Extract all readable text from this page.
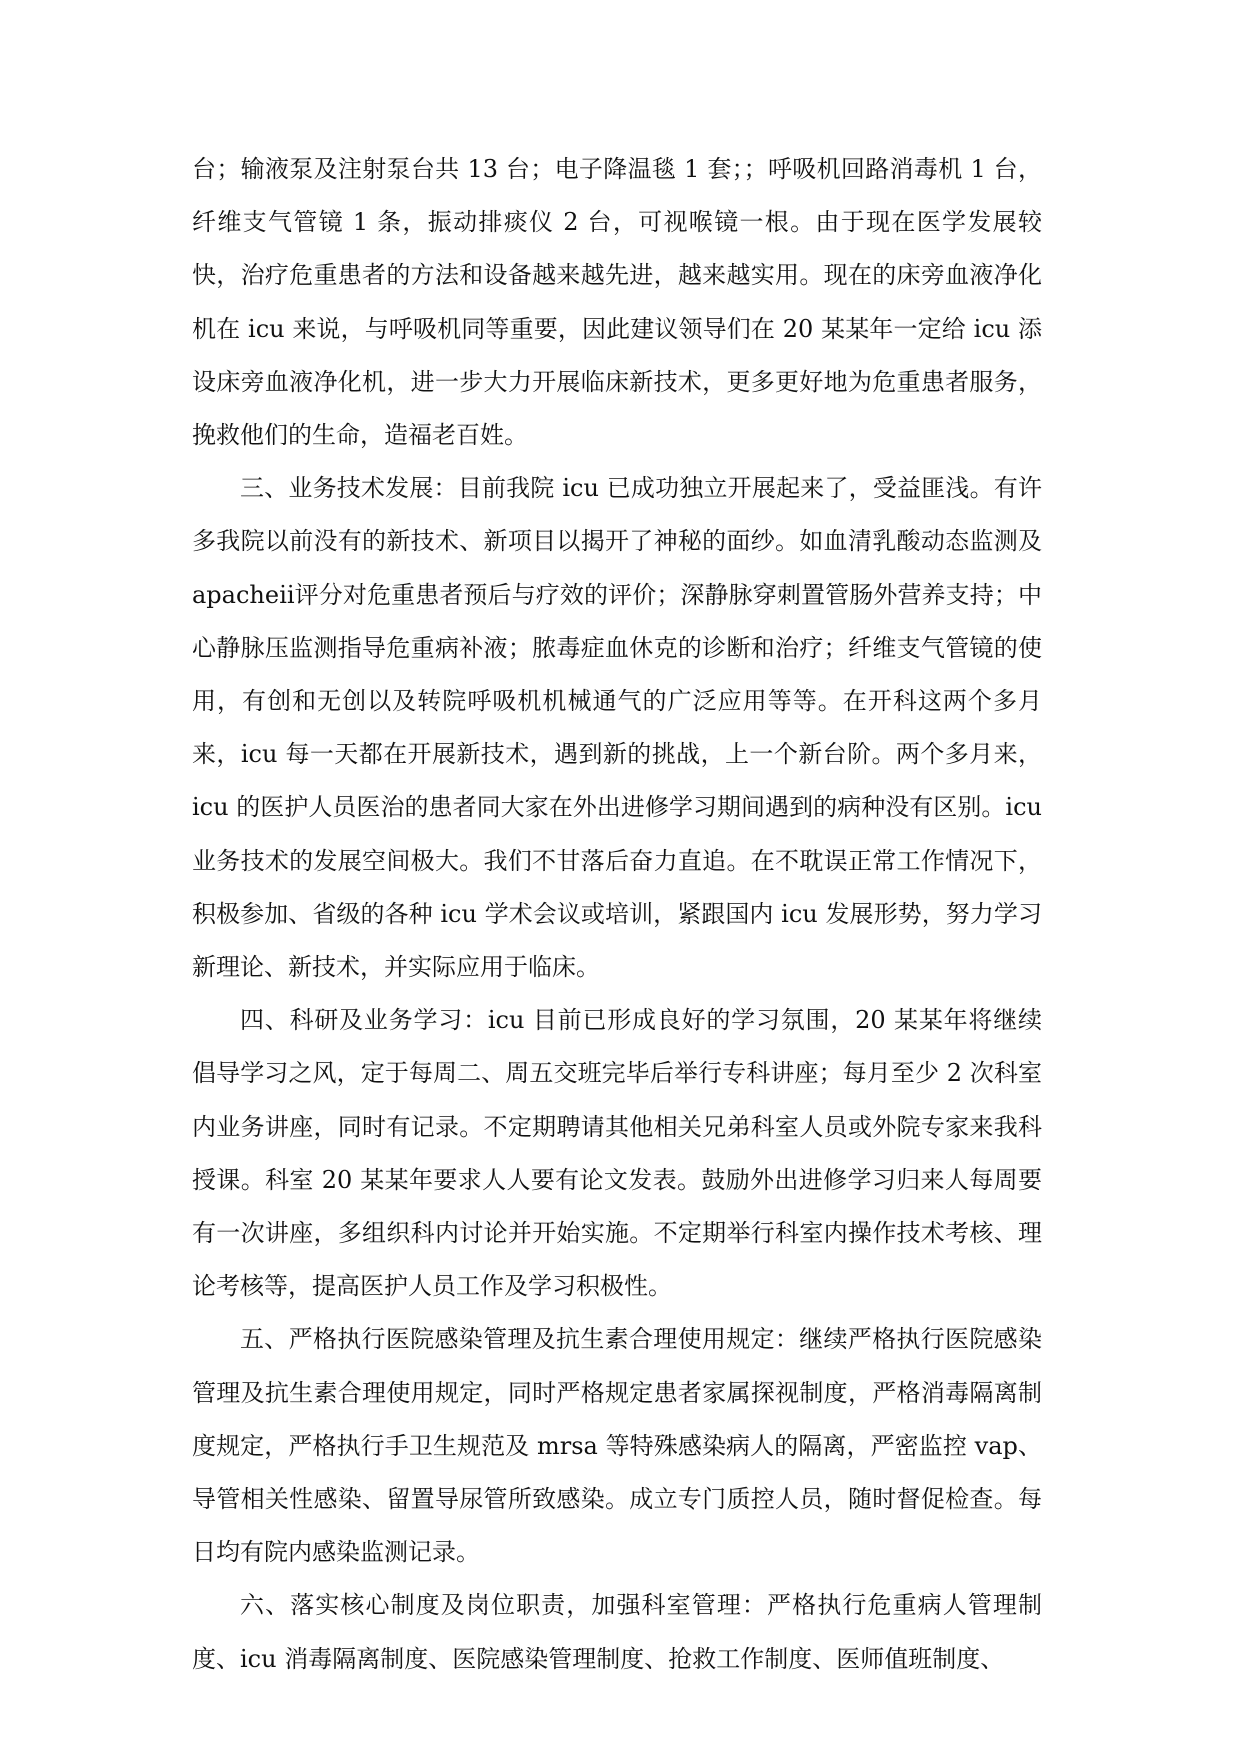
台；输液泵及注射泵台共 13 台；电子降温毯 1 套；；呼吸机回路消毒机 1 台，纤维支气管镜 1 条，振动排痰仪 2 台，可视喉镜一根。由于现在医学发展较快，治疗危重患者的方法和设备越来越先进，越来越实用。现在的床旁血液净化机在 icu 来说，与呼吸机同等重要，因此建议领导们在 20 某某年一定给 icu 添设床旁血液净化机，进一步大力开展临床新技术，更多更好地为危重患者服务，挽救他们的生命，造福老百姓。

三、业务技术发展：目前我院 icu 已成功独立开展起来了，受益匪浅。有许多我院以前没有的新技术、新项目以揭开了神秘的面纱。如血清乳酸动态监测及 apacheⅱ评分对危重患者预后与疗效的评价；深静脉穿刺置管肠外营养支持；中心静脉压监测指导危重病补液；脓毒症血休克的诊断和治疗；纤维支气管镜的使用，有创和无创以及转院呼吸机机械通气的广泛应用等等。在开科这两个多月来，icu 每一天都在开展新技术，遇到新的挑战，上一个新台阶。两个多月来，icu 的医护人员医治的患者同大家在外出进修学习期间遇到的病种没有区别。icu 业务技术的发展空间极大。我们不甘落后奋力直追。在不耽误正常工作情况下，积极参加、省级的各种 icu 学术会议或培训，紧跟国内 icu 发展形势，努力学习新理论、新技术，并实际应用于临床。

四、科研及业务学习：icu 目前已形成良好的学习氛围，20 某某年将继续倡导学习之风，定于每周二、周五交班完毕后举行专科讲座；每月至少 2 次科室内业务讲座，同时有记录。不定期聘请其他相关兄弟科室人员或外院专家来我科授课。科室 20 某某年要求人人要有论文发表。鼓励外出进修学习归来人每周要有一次讲座，多组织科内讨论并开始实施。不定期举行科室内操作技术考核、理论考核等，提高医护人员工作及学习积极性。

五、严格执行医院感染管理及抗生素合理使用规定：继续严格执行医院感染管理及抗生素合理使用规定，同时严格规定患者家属探视制度，严格消毒隔离制度规定，严格执行手卫生规范及 mrsa 等特殊感染病人的隔离，严密监控 vap、导管相关性感染、留置导尿管所致感染。成立专门质控人员，随时督促检查。每日均有院内感染监测记录。

六、落实核心制度及岗位职责，加强科室管理：严格执行危重病人管理制度、icu 消毒隔离制度、医院感染管理制度、抢救工作制度、医师值班制度、
